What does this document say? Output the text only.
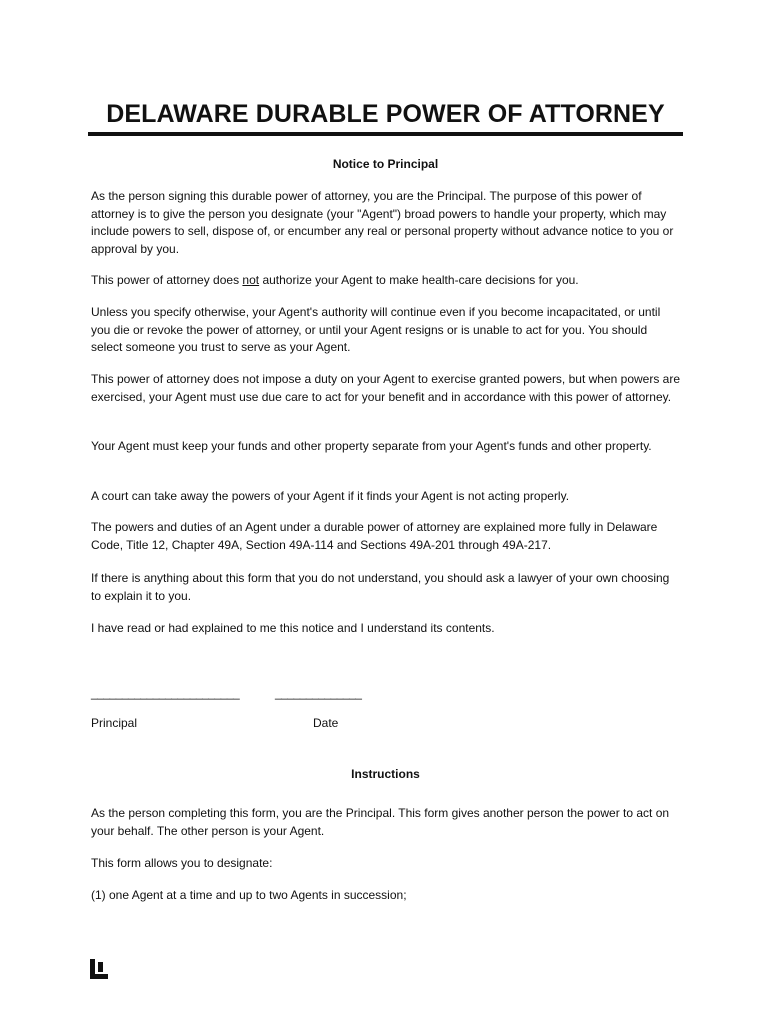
DELAWARE DURABLE POWER OF ATTORNEY
Notice to Principal

As the person signing this durable power of attorney, you are the Principal. The purpose of this power of attorney is to give the person you designate (your "Agent") broad powers to handle your property, which may include powers to sell, dispose of, or encumber any real or personal property without advance notice to you or approval by you.

This power of attorney does not authorize your Agent to make health-care decisions for you.

Unless you specify otherwise, your Agent's authority will continue even if you become incapacitated, or until you die or revoke the power of attorney, or until your Agent resigns or is unable to act for you. You should select someone you trust to serve as your Agent.

This power of attorney does not impose a duty on your Agent to exercise granted powers, but when powers are exercised, your Agent must use due care to act for your benefit and in accordance with this power of attorney.

Your Agent must keep your funds and other property separate from your Agent's funds and other property.

A court can take away the powers of your Agent if it finds your Agent is not acting properly.

The powers and duties of an Agent under a durable power of attorney are explained more fully in Delaware Code, Title 12, Chapter 49A, Section 49A-114 and Sections 49A-201 through 49A-217.

If there is anything about this form that you do not understand, you should ask a lawyer of your own choosing to explain it to you.

I have read or had explained to me this notice and I understand its contents.

________________________	______________
Principal	Date
Instructions

As the person completing this form, you are the Principal. This form gives another person the power to act on your behalf. The other person is your Agent.

This form allows you to designate:

(1) one Agent at a time and up to two Agents in succession;
